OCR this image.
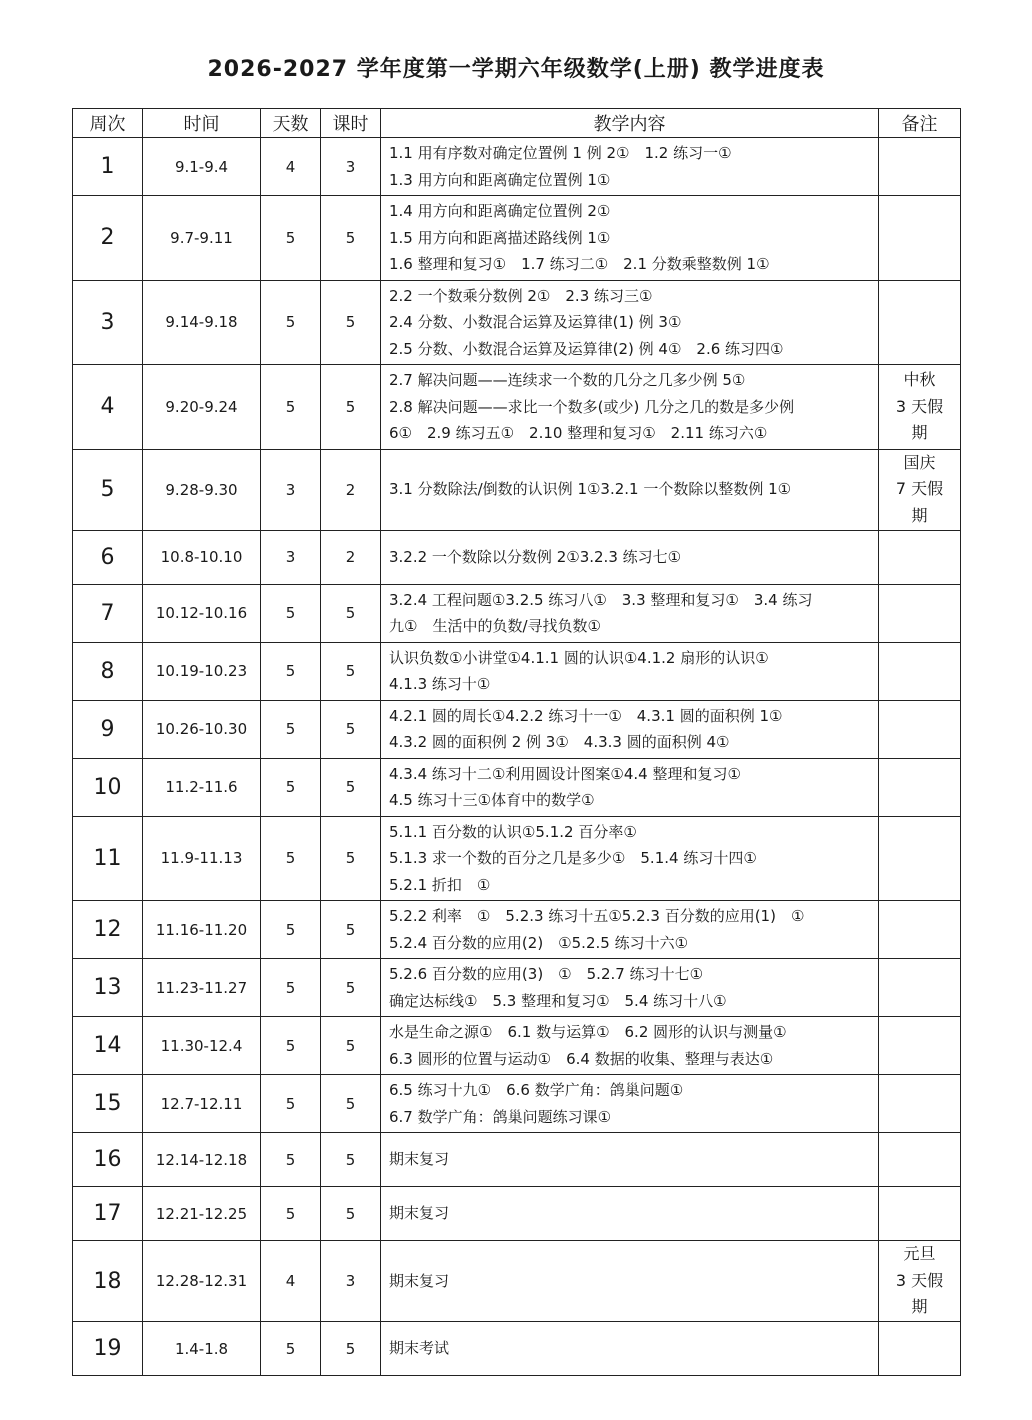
2026-2027 学年度第一学期六年级数学(上册) 教学进度表
周次	时间	天数	课时	教学内容	备注
1	9.1-9.4	4	3	1.1 用有序数对确定位置例 1 例 2①　1.2 练习一①
1.3 用方向和距离确定位置例 1①	

2	9.7-9.11	5	5	1.4 用方向和距离确定位置例 2①
1.5 用方向和距离描述路线例 1①
1.6 整理和复习①　1.7 练习二①　2.1 分数乘整数例 1①	

3	9.14-9.18	5	5	2.2 一个数乘分数例 2①　2.3 练习三①
2.4 分数、小数混合运算及运算律(1) 例 3①
2.5 分数、小数混合运算及运算律(2) 例 4①　2.6 练习四①	

4	9.20-9.24	5	5	2.7 解决问题——连续求一个数的几分之几多少例 5①
2.8 解决问题——求比一个数多(或少) 几分之几的数是多少例
6①　2.9 练习五①　2.10 整理和复习①　2.11 练习六①	中秋
3 天假
期

5	9.28-9.30	3	2	3.1 分数除法/倒数的认识例 1①3.2.1 一个数除以整数例 1①	国庆
7 天假
期

6	10.8-10.10	3	2	3.2.2 一个数除以分数例 2①3.2.3 练习七①	

7	10.12-10.16	5	5	3.2.4 工程问题①3.2.5 练习八①　3.3 整理和复习①　3.4 练习
九①　生活中的负数/寻找负数①	

8	10.19-10.23	5	5	认识负数①小讲堂①4.1.1 圆的认识①4.1.2 扇形的认识①
4.1.3 练习十①	

9	10.26-10.30	5	5	4.2.1 圆的周长①4.2.2 练习十一①　4.3.1 圆的面积例 1①
4.3.2 圆的面积例 2 例 3①　4.3.3 圆的面积例 4①	

10	11.2-11.6	5	5	4.3.4 练习十二①利用圆设计图案①4.4 整理和复习①
4.5 练习十三①体育中的数学①	

11	11.9-11.13	5	5	5.1.1 百分数的认识①5.1.2 百分率①
5.1.3 求一个数的百分之几是多少①　5.1.4 练习十四①
5.2.1 折扣　①	

12	11.16-11.20	5	5	5.2.2 利率　①　5.2.3 练习十五①5.2.3 百分数的应用(1)　①
5.2.4 百分数的应用(2)　①5.2.5 练习十六①	

13	11.23-11.27	5	5	5.2.6 百分数的应用(3)　①　5.2.7 练习十七①
确定达标线①　5.3 整理和复习①　5.4 练习十八①	

14	11.30-12.4	5	5	水是生命之源①　6.1 数与运算①　6.2 圆形的认识与测量①
6.3 圆形的位置与运动①　6.4 数据的收集、整理与表达①	

15	12.7-12.11	5	5	6.5 练习十九①　6.6 数学广角：鸽巢问题①
6.7 数学广角：鸽巢问题练习课①	

16	12.14-12.18	5	5	期末复习	

17	12.21-12.25	5	5	期末复习	

18	12.28-12.31	4	3	期末复习	元旦
3 天假
期

19	1.4-1.8	5	5	期末考试	
